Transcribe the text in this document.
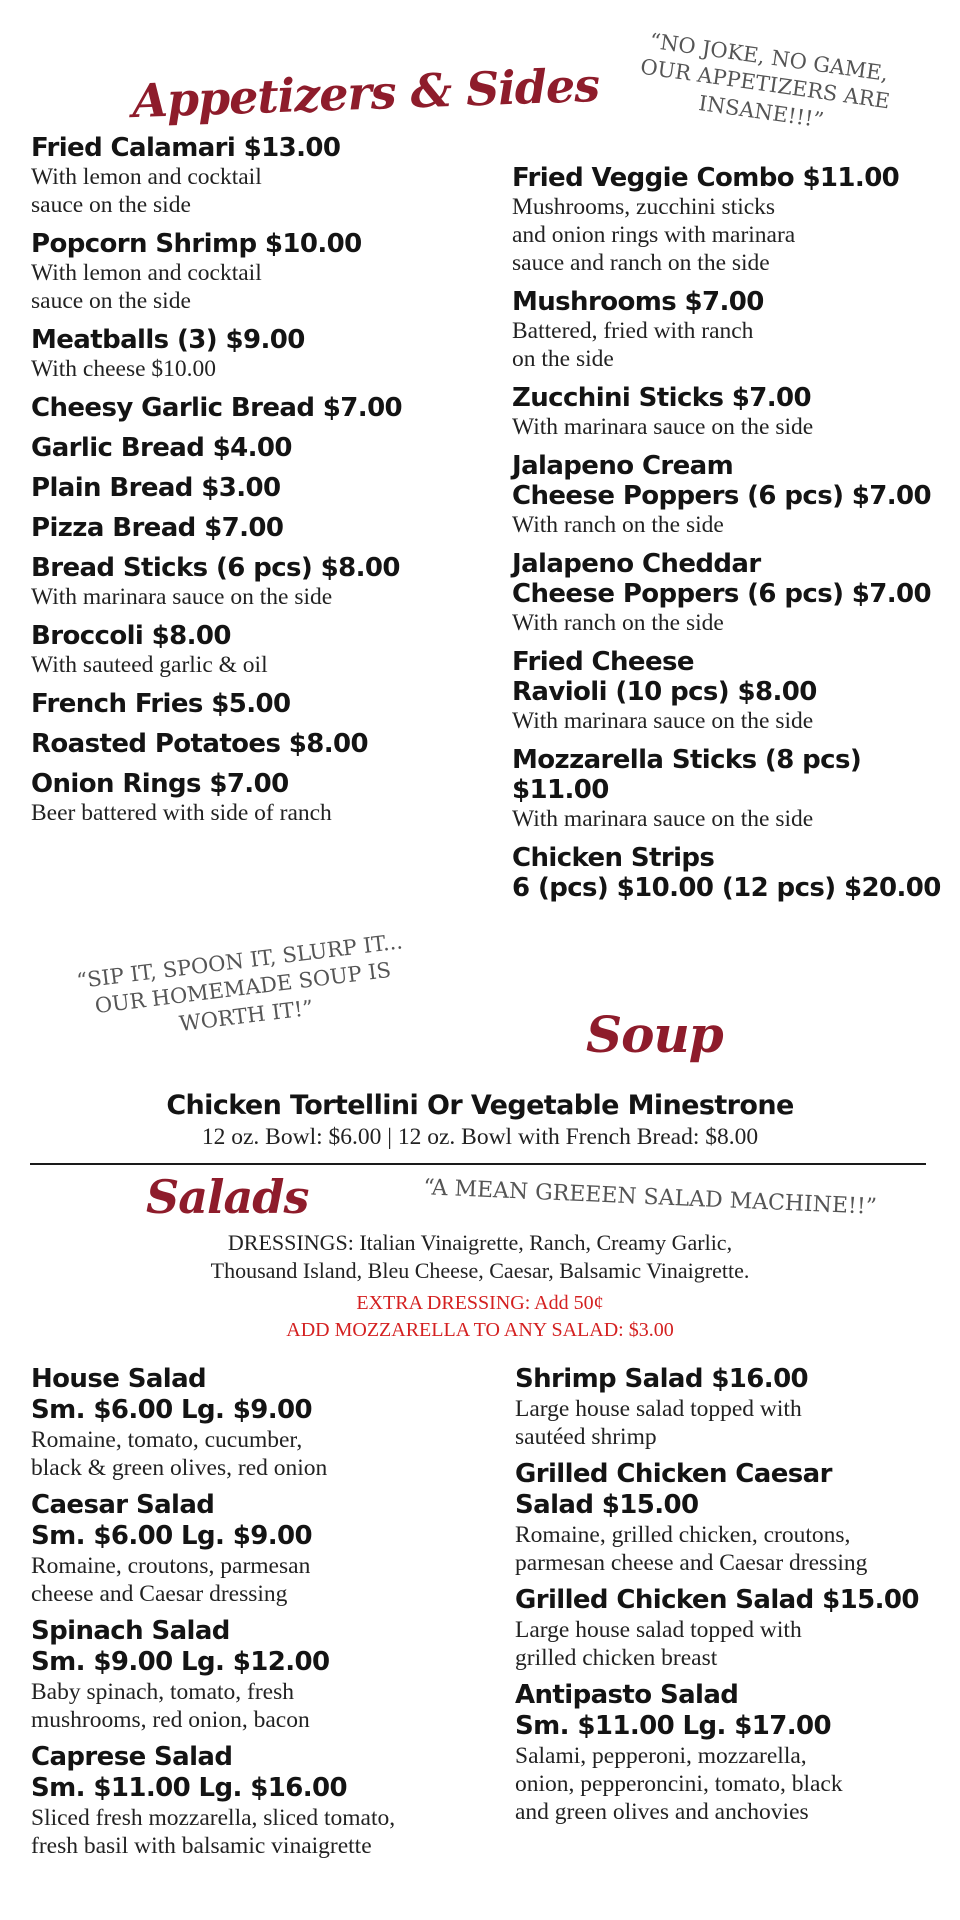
Appetizers & Sides
“NO JOKE, NO GAME, OUR APPETIZERS ARE INSANE!!!”
Fried Calamari $13.00
With lemon and cocktail
sauce on the side
Popcorn Shrimp $10.00
With lemon and cocktail
sauce on the side
Meatballs (3) $9.00
With cheese $10.00
Cheesy Garlic Bread $7.00
Garlic Bread $4.00
Plain Bread $3.00
Pizza Bread $7.00
Bread Sticks (6 pcs) $8.00
With marinara sauce on the side
Broccoli $8.00
With sauteed garlic & oil
French Fries $5.00
Roasted Potatoes $8.00
Onion Rings $7.00
Beer battered with side of ranch
Fried Veggie Combo $11.00
Mushrooms, zucchini sticks
and onion rings with marinara
sauce and ranch on the side
Mushrooms $7.00
Battered, fried with ranch
on the side
Zucchini Sticks $7.00
With marinara sauce on the side
Jalapeno Cream
Cheese Poppers (6 pcs) $7.00
With ranch on the side
Jalapeno Cheddar
Cheese Poppers (6 pcs) $7.00
With ranch on the side
Fried Cheese
Ravioli (10 pcs) $8.00
With marinara sauce on the side
Mozzarella Sticks (8 pcs) $11.00
With marinara sauce on the side
Chicken Strips
6 (pcs) $10.00 (12 pcs) $20.00
“SIP IT, SPOON IT, SLURP IT... OUR HOMEMADE SOUP IS WORTH IT!”	Soup
Chicken Tortellini Or Vegetable Minestrone
12 oz. Bowl: $6.00 | 12 oz. Bowl with French Bread: $8.00
Salads	“A MEAN GREEEN SALAD MACHINE!!”
DRESSINGS: Italian Vinaigrette, Ranch, Creamy Garlic,
Thousand Island, Bleu Cheese, Caesar, Balsamic Vinaigrette.
EXTRA DRESSING: Add 50¢
ADD MOZZARELLA TO ANY SALAD: $3.00
House Salad
Sm. $6.00 Lg. $9.00
Romaine, tomato, cucumber,
black & green olives, red onion
Caesar Salad
Sm. $6.00 Lg. $9.00
Romaine, croutons, parmesan
cheese and Caesar dressing
Spinach Salad
Sm. $9.00 Lg. $12.00
Baby spinach, tomato, fresh
mushrooms, red onion, bacon
Caprese Salad
Sm. $11.00 Lg. $16.00
Sliced fresh mozzarella, sliced tomato,
fresh basil with balsamic vinaigrette
Shrimp Salad $16.00
Large house salad topped with
sautéed shrimp
Grilled Chicken Caesar
Salad $15.00
Romaine, grilled chicken, croutons,
parmesan cheese and Caesar dressing
Grilled Chicken Salad $15.00
Large house salad topped with
grilled chicken breast
Antipasto Salad
Sm. $11.00 Lg. $17.00
Salami, pepperoni, mozzarella,
onion, pepperoncini, tomato, black
and green olives and anchovies
